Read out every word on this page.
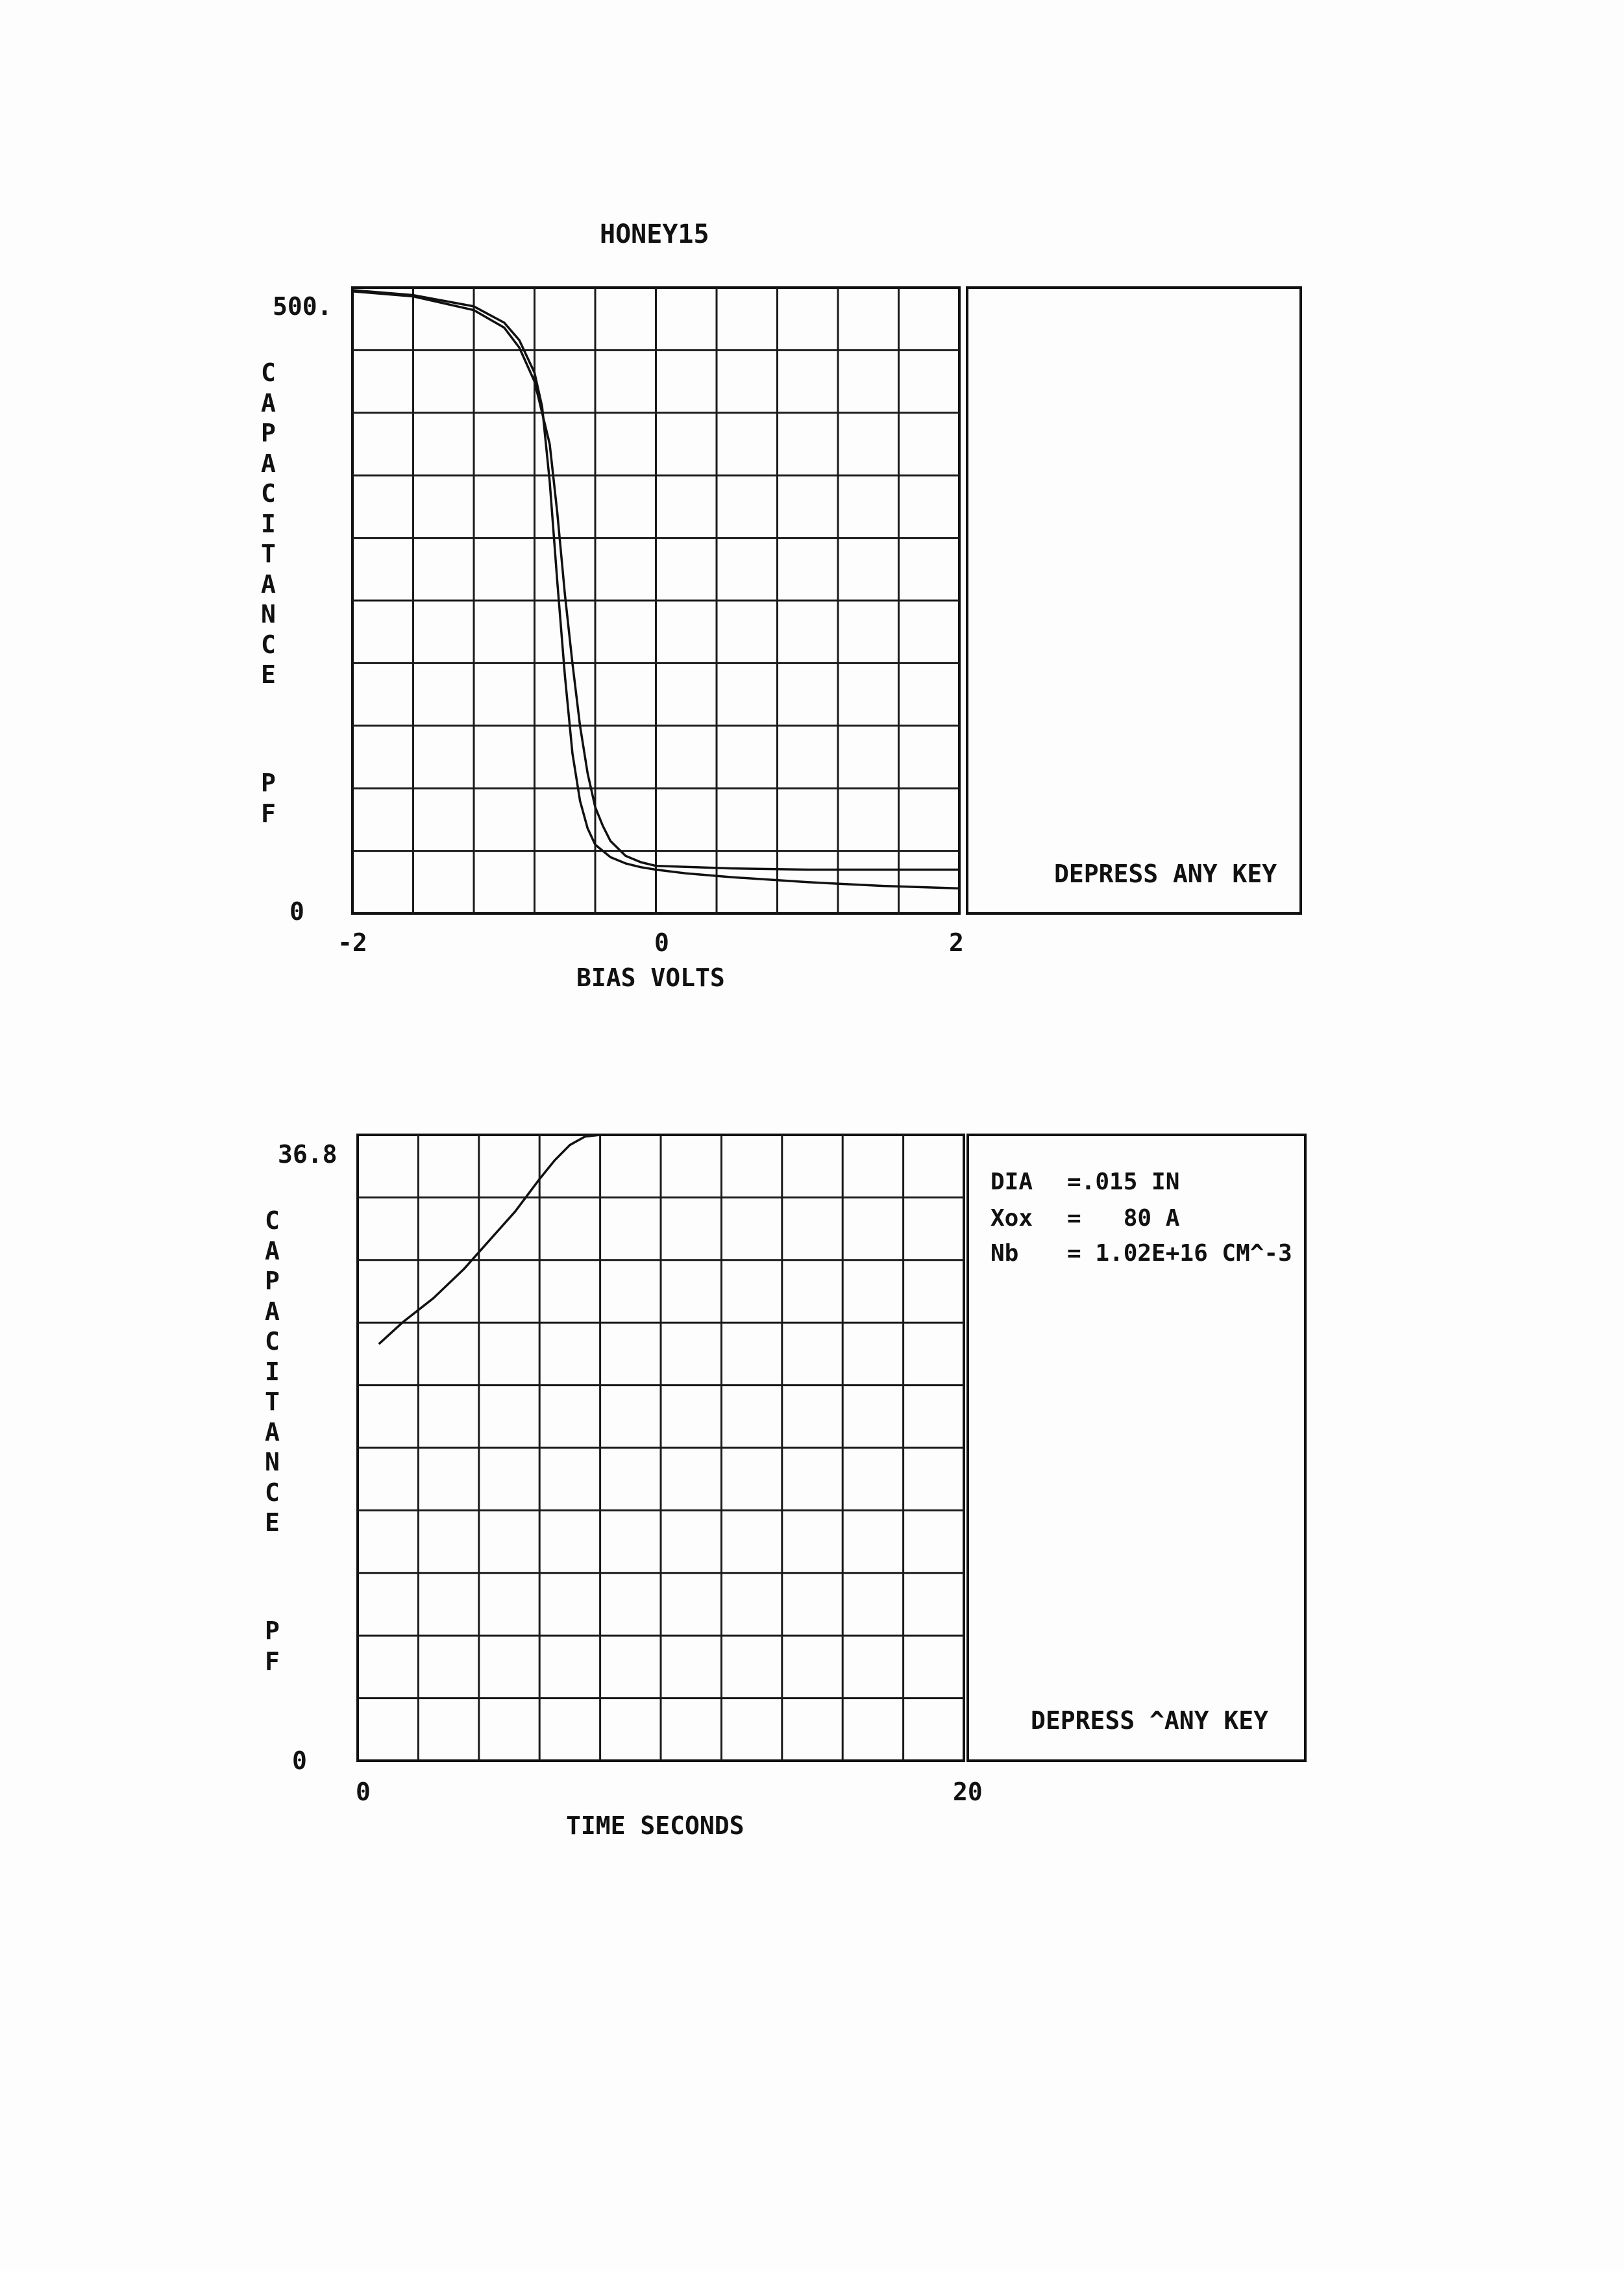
HONEY15
500.
0
-2	0	2
BIAS VOLTS
DEPRESS ANY KEY
36.8
0
0	20
TIME SECONDS
DIA =.015 IN
Xox =   80 A
Nb = 1.02E+16 CM^-3
DEPRESS ^ANY KEY
C
A
P
A
C
I
T
A
N
C
E
P
F
C
A
P
A
C
I
T
A
N
C
E
P
F
